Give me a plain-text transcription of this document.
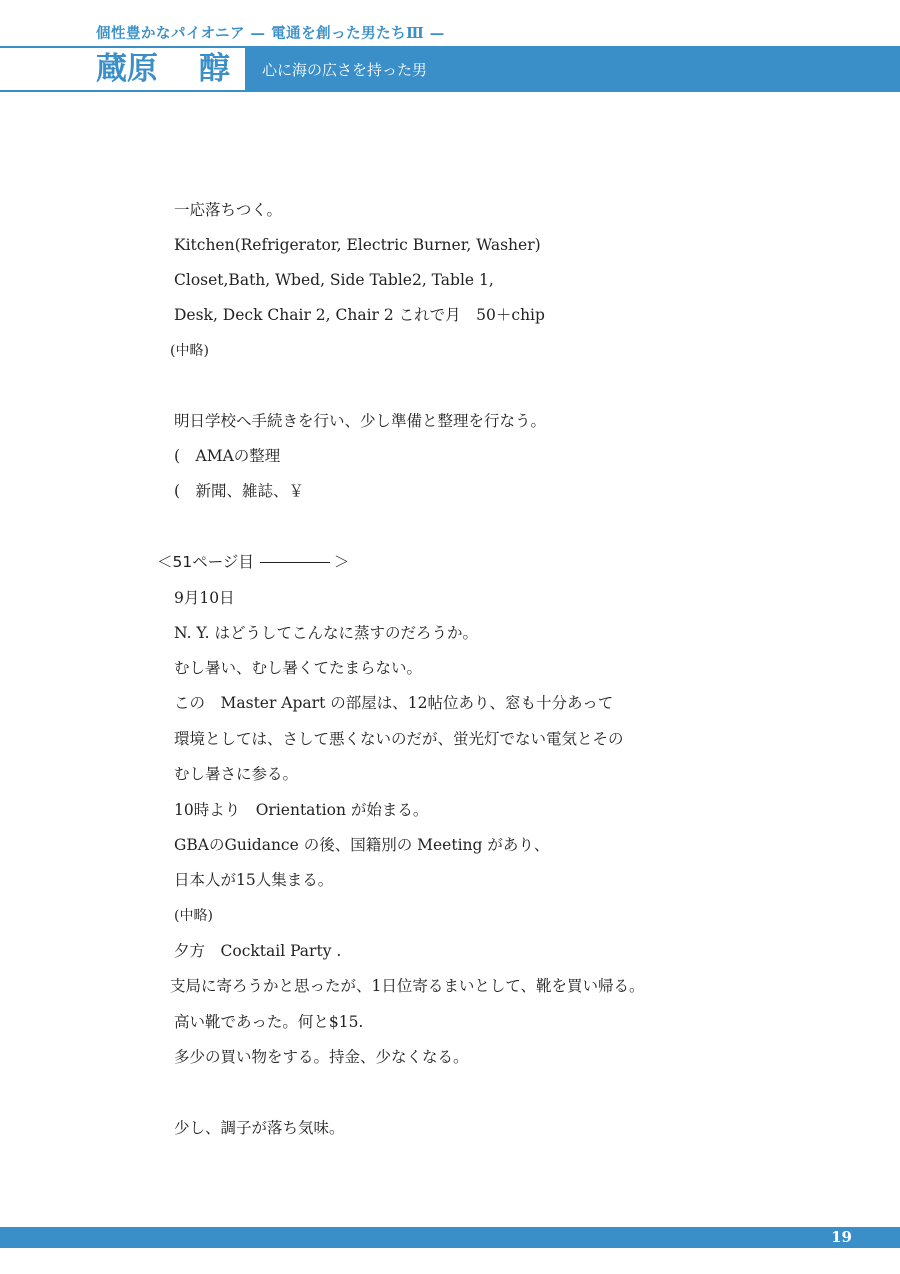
個性豊かなパイオニア — 電通を創った男たちⅢ —
蔵原 醇 心に海の広さを持った男
一応落ちつく。
Kitchen(Refrigerator, Electric Burner, Washer)
Closet,Bath, Wbed, Side Table2, Table 1,
Desk, Deck Chair 2, Chair 2 これで月　50＋chip
(中略)
明日学校へ手続きを行い、少し準備と整理を行なう。
(　AMAの整理
(　新聞、雑誌、￥
＜51ページ目	＞
9月10日
N. Y. はどうしてこんなに蒸すのだろうか。
むし暑い、むし暑くてたまらない。
この　Master Apart の部屋は、12帖位あり、窓も十分あって
環境としては、さして悪くないのだが、蛍光灯でない電気とその
むし暑さに参る。
10時より　Orientation が始まる。
GBAのGuidance の後、国籍別の Meeting があり、
日本人が15人集まる。
(中略)
夕方　Cocktail Party .
支局に寄ろうかと思ったが、1日位寄るまいとして、靴を買い帰る。
高い靴であった。何と$15.
多少の買い物をする。持金、少なくなる。
少し、調子が落ち気味。
19
